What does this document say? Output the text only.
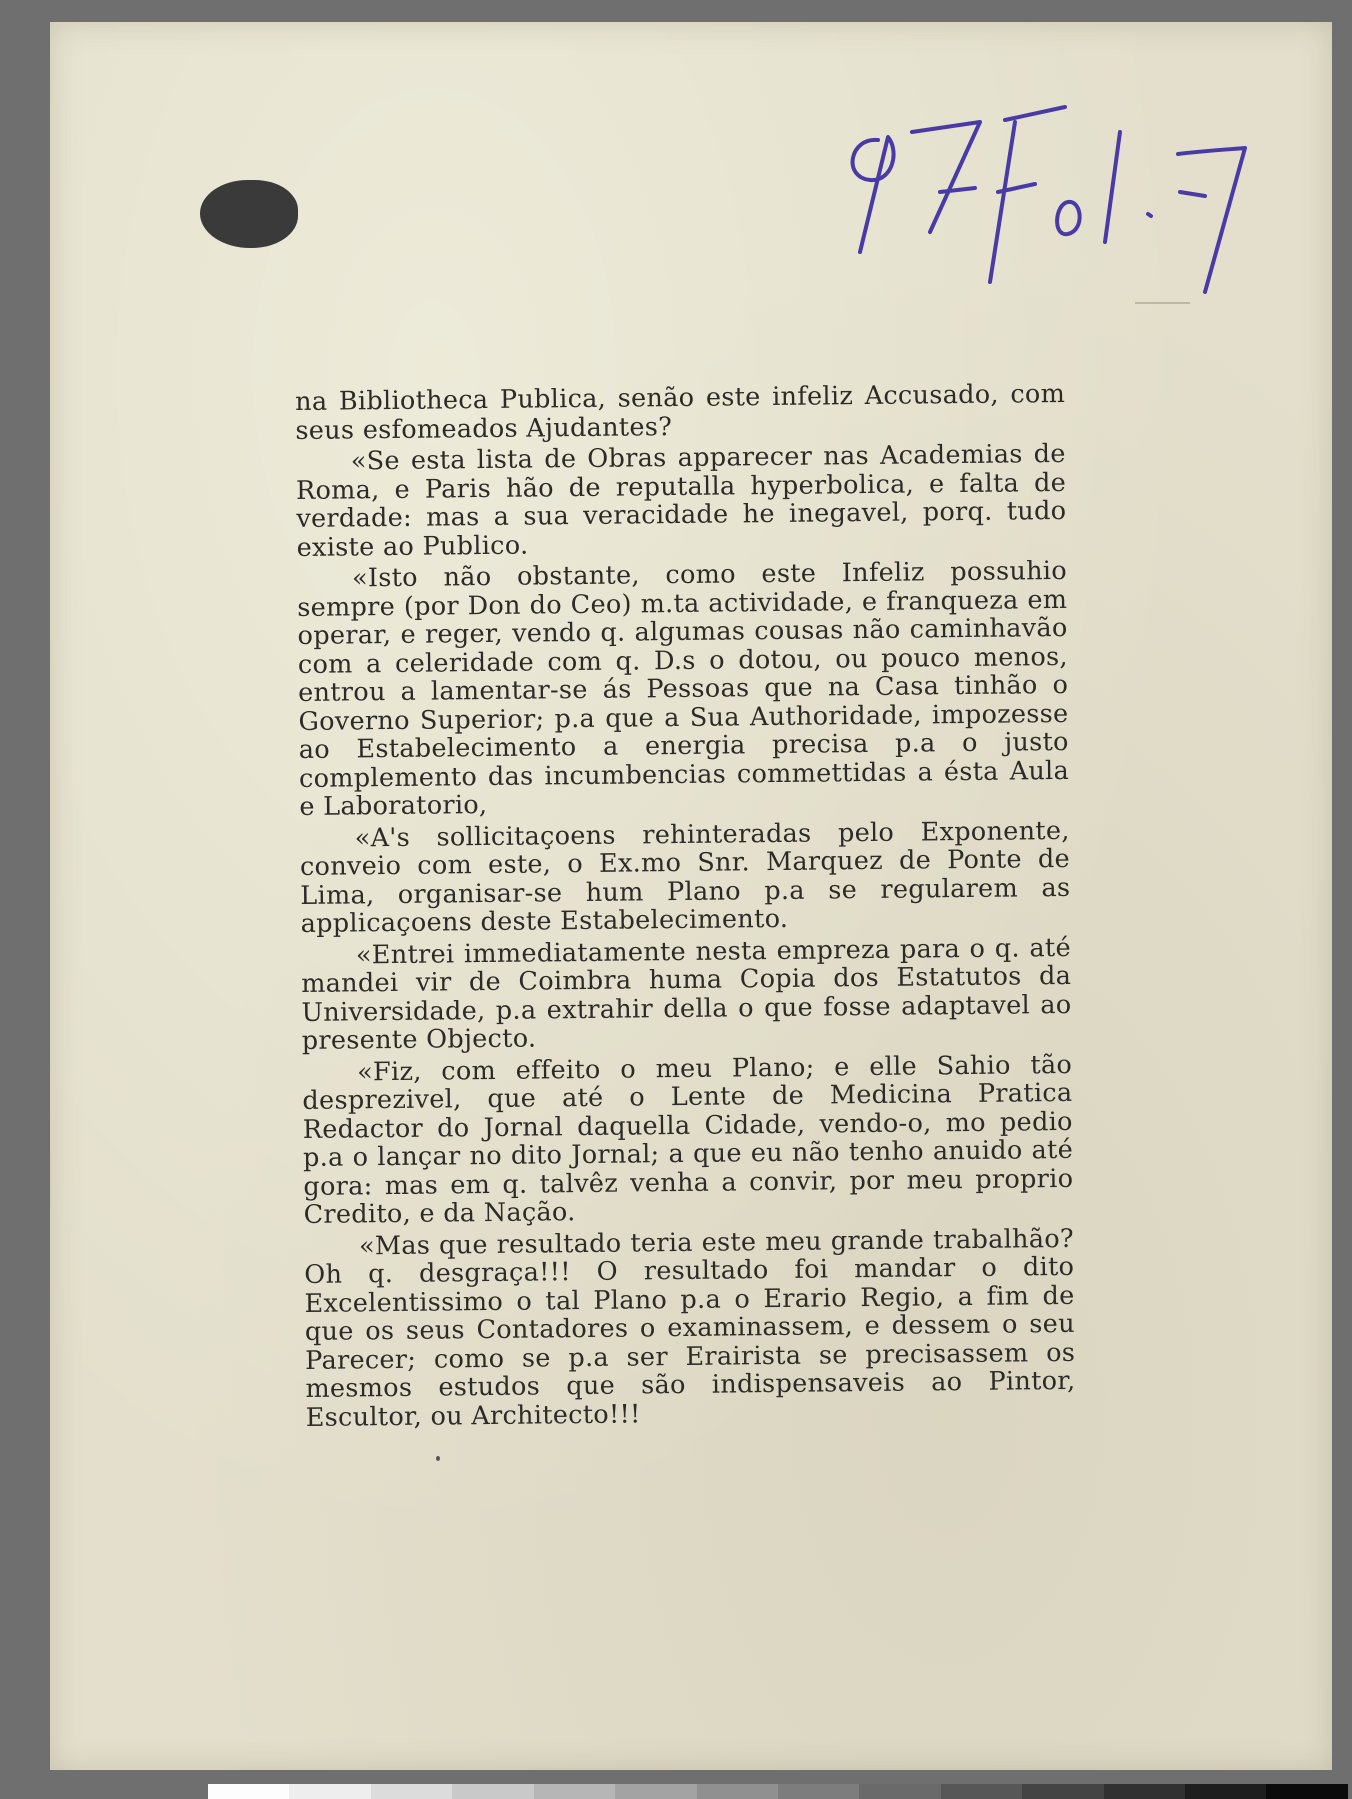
na Bibliotheca Publica, senão este infeliz Accusado, com seus esfomeados Ajudantes?

«Se esta lista de Obras apparecer nas Academias de Roma, e Paris hão de reputalla hyperbolica, e falta de verdade: mas a sua veracidade he inegavel, porq. tudo existe ao Publico.

«Isto não obstante, como este Infeliz possuhio sempre (por Don do Ceo) m.ta actividade, e franqueza em operar, e reger, vendo q. algumas cousas não caminhavão com a celeridade com q. D.s o dotou, ou pouco menos, entrou a lamentar-se ás Pessoas que na Casa tinhão o Governo Superior; p.a que a Sua Authoridade, impozesse ao Estabelecimento a energia precisa p.a o justo complemento das incumbencias commettidas a ésta Aula e Laboratorio,

«A's sollicitaçoens rehinteradas pelo Exponente, conveio com este, o Ex.mo Snr. Marquez de Ponte de Lima, organisar-se hum Plano p.a se regularem as applicaçoens deste Estabelecimento.

«Entrei immediatamente nesta empreza para o q. até mandei vir de Coimbra huma Copia dos Estatutos da Universidade, p.a extrahir della o que fosse adaptavel ao presente Objecto.

«Fiz, com effeito o meu Plano; e elle Sahio tão desprezivel, que até o Lente de Medicina Pratica Redactor do Jornal daquella Cidade, vendo-o, mo pedio p.a o lançar no dito Jornal; a que eu não tenho anuido até gora: mas em q. talvêz venha a convir, por meu proprio Credito, e da Nação.

«Mas que resultado teria este meu grande trabalhão? Oh q. desgraça!!! O resultado foi mandar o dito Excelentissimo o tal Plano p.a o Erario Regio, a fim de que os seus Contadores o examinassem, e dessem o seu Parecer; como se p.a ser Erairista se precisassem os mesmos estudos que são indispensaveis ao Pintor, Escultor, ou Architecto!!!
